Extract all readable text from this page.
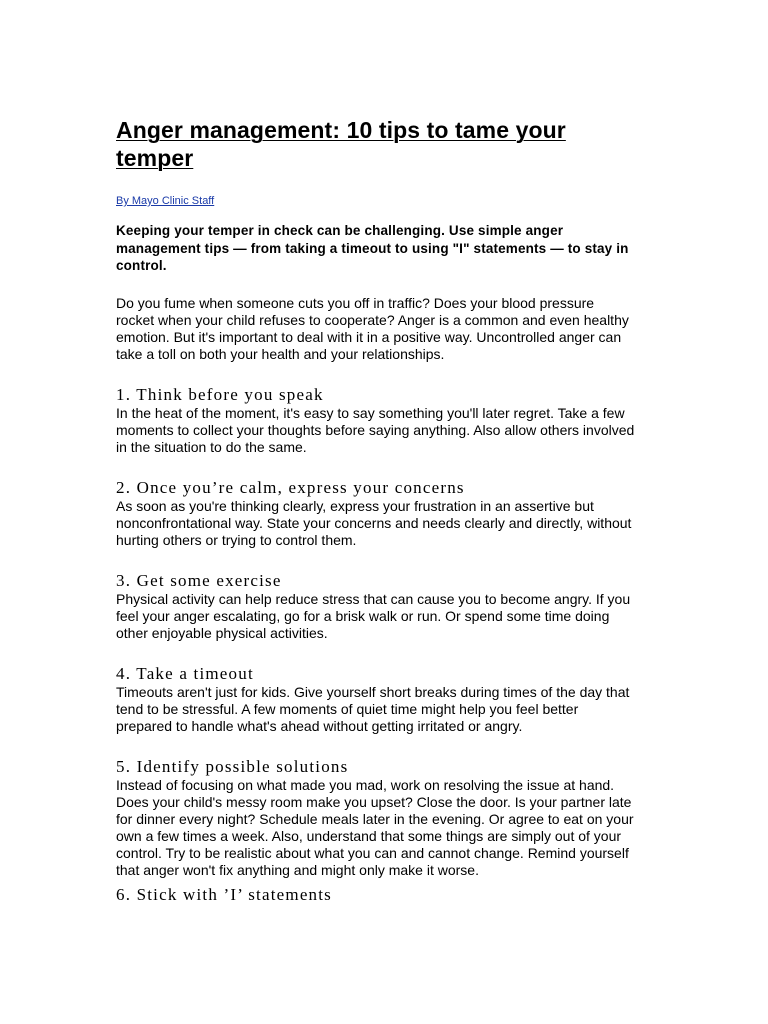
Anger management: 10 tips to tame your temper
By Mayo Clinic Staff

Keeping your temper in check can be challenging. Use simple anger management tips — from taking a timeout to using "I" statements — to stay in control.

Do you fume when someone cuts you off in traffic? Does your blood pressure rocket when your child refuses to cooperate? Anger is a common and even healthy emotion. But it's important to deal with it in a positive way. Uncontrolled anger can take a toll on both your health and your relationships.

1. Think before you speak

In the heat of the moment, it's easy to say something you'll later regret. Take a few moments to collect your thoughts before saying anything. Also allow others involved in the situation to do the same.

2. Once you’re calm, express your concerns

As soon as you're thinking clearly, express your frustration in an assertive but nonconfrontational way. State your concerns and needs clearly and directly, without hurting others or trying to control them.

3. Get some exercise

Physical activity can help reduce stress that can cause you to become angry. If you feel your anger escalating, go for a brisk walk or run. Or spend some time doing other enjoyable physical activities.

4. Take a timeout

Timeouts aren't just for kids. Give yourself short breaks during times of the day that tend to be stressful. A few moments of quiet time might help you feel better prepared to handle what's ahead without getting irritated or angry.

5. Identify possible solutions

Instead of focusing on what made you mad, work on resolving the issue at hand. Does your child's messy room make you upset? Close the door. Is your partner late for dinner every night? Schedule meals later in the evening. Or agree to eat on your own a few times a week. Also, understand that some things are simply out of your control. Try to be realistic about what you can and cannot change. Remind yourself that anger won't fix anything and might only make it worse.

6. Stick with ’I’ statements
